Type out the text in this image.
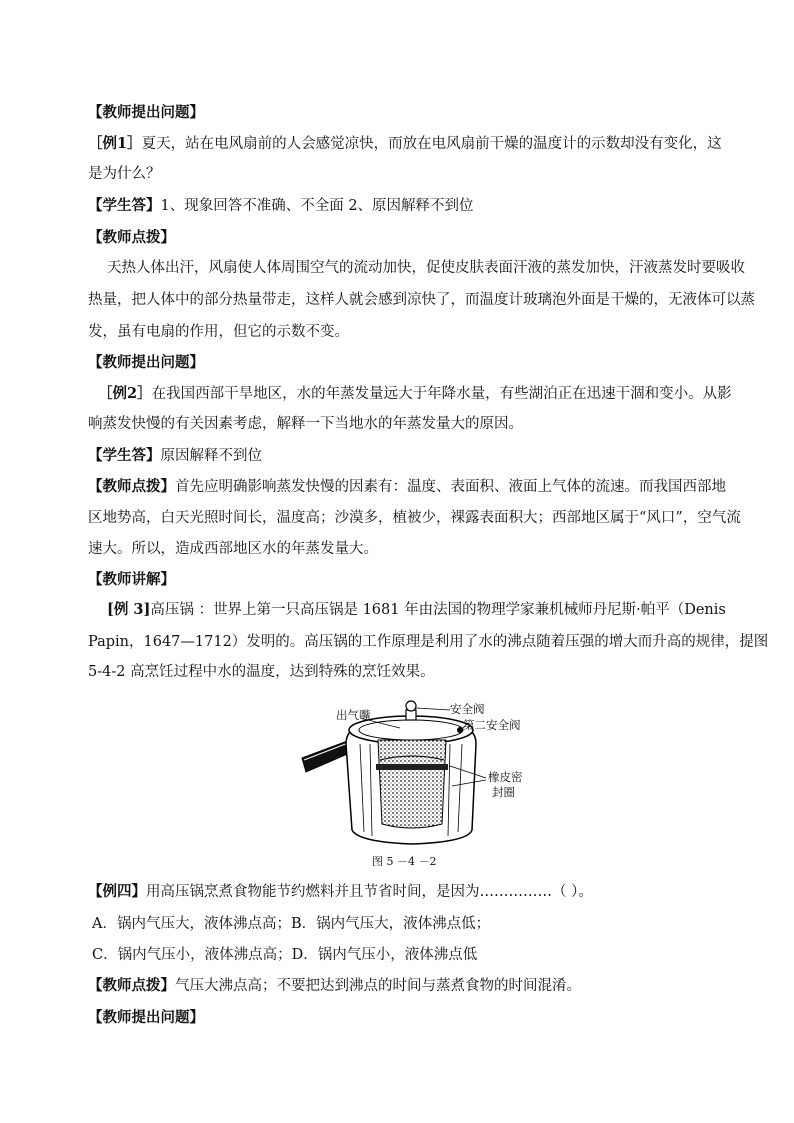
【教师提出问题】
［例1］夏天，站在电风扇前的人会感觉凉快，而放在电风扇前干燥的温度计的示数却没有变化，这
是为什么？
【学生答】1、现象回答不准确、不全面 2、原因解释不到位
【教师点拨】
天热人体出汗，风扇使人体周围空气的流动加快，促使皮肤表面汗液的蒸发加快，汗液蒸发时要吸收
热量，把人体中的部分热量带走，这样人就会感到凉快了，而温度计玻璃泡外面是干燥的，无液体可以蒸
发，虽有电扇的作用，但它的示数不变。
【教师提出问题】
［例2］在我国西部干旱地区，水的年蒸发量远大于年降水量，有些湖泊正在迅速干涸和变小。从影
响蒸发快慢的有关因素考虑，解释一下当地水的年蒸发量大的原因。
【学生答】原因解释不到位
【教师点拨】首先应明确影响蒸发快慢的因素有：温度、表面积、液面上气体的流速。而我国西部地
区地势高，白天光照时间长，温度高；沙漠多，植被少，裸露表面积大；西部地区属于“风口”，空气流
速大。所以，造成西部地区水的年蒸发量大。
【教师讲解】
[例 3]高压锅 ：世界上第一只高压锅是 1681 年由法国的物理学家兼机械师丹尼斯·帕平（Denis
Papin，1647—1712）发明的。高压锅的工作原理是利用了水的沸点随着压强的增大而升高的规律，提图
5-4-2 高烹饪过程中水的温度，达到特殊的烹饪效果。
出气嘴	安全阀
第二安全阀
橡皮密
封圈
图 5 －4 －2
【例四】用高压锅烹煮食物能节约燃料并且节省时间，是因为……………（ ）。
A．锅内气压大，液体沸点高；B．锅内气压大，液体沸点低；
C．锅内气压小，液体沸点高；D．锅内气压小，液体沸点低
【教师点拨】气压大沸点高；不要把达到沸点的时间与蒸煮食物的时间混淆。
【教师提出问题】
